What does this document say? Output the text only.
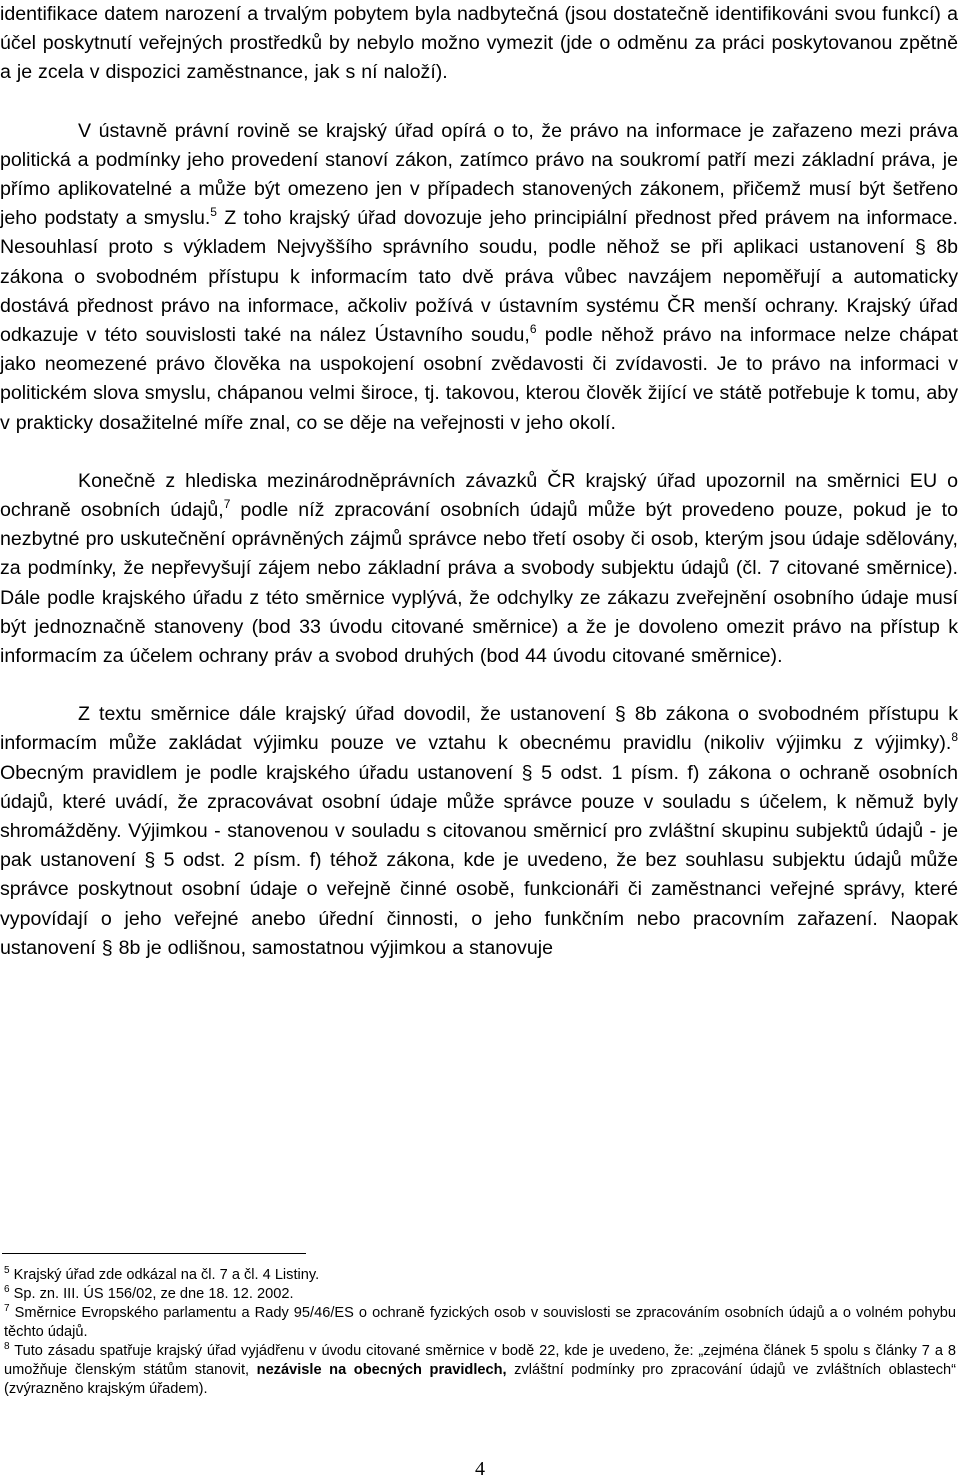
identifikace datem narození a trvalým pobytem byla nadbytečná (jsou dostatečně identifikováni svou funkcí) a účel poskytnutí veřejných prostředků by nebylo možno vymezit (jde o odměnu za práci poskytovanou zpětně a je zcela v dispozici zaměstnance, jak s ní naloží).

V ústavně právní rovině se krajský úřad opírá o to, že právo na informace je zařazeno mezi práva politická a podmínky jeho provedení stanoví zákon, zatímco právo na soukromí patří mezi základní práva, je přímo aplikovatelné a může být omezeno jen v případech stanovených zákonem, přičemž musí být šetřeno jeho podstaty a smyslu.$^5$ Z toho krajský úřad dovozuje jeho principiální přednost před právem na informace. Nesouhlasí proto s výkladem Nejvyššího správního soudu, podle něhož se při aplikaci ustanovení § 8b zákona o svobodném přístupu k informacím tato dvě práva vůbec navzájem nepoměřují a automaticky dostává přednost právo na informace, ačkoliv požívá v ústavním systému ČR menší ochrany. Krajský úřad odkazuje v této souvislosti také na nález Ústavního soudu,$^6$ podle něhož právo na informace nelze chápat jako neomezené právo člověka na uspokojení osobní zvědavosti či zvídavosti. Je to právo na informaci v politickém slova smyslu, chápanou velmi široce, tj. takovou, kterou člověk žijící ve státě potřebuje k tomu, aby v prakticky dosažitelné míře znal, co se děje na veřejnosti v jeho okolí.

Konečně z hlediska mezinárodněprávních závazků ČR krajský úřad upozornil na směrnici EU o ochraně osobních údajů,$^7$ podle níž zpracování osobních údajů může být provedeno pouze, pokud je to nezbytné pro uskutečnění oprávněných zájmů správce nebo třetí osoby či osob, kterým jsou údaje sdělovány, za podmínky, že nepřevyšují zájem nebo základní práva a svobody subjektu údajů (čl. 7 citované směrnice). Dále podle krajského úřadu z této směrnice vyplývá, že odchylky ze zákazu zveřejnění osobního údaje musí být jednoznačně stanoveny (bod 33 úvodu citované směrnice) a že je dovoleno omezit právo na přístup k informacím za účelem ochrany práv a svobod druhých (bod 44 úvodu citované směrnice).

Z textu směrnice dále krajský úřad dovodil, že ustanovení § 8b zákona o svobodném přístupu k informacím může zakládat výjimku pouze ve vztahu k obecnému pravidlu (nikoliv výjimku z výjimky).$^8$ Obecným pravidlem je podle krajského úřadu ustanovení § 5 odst. 1 písm. f) zákona o ochraně osobních údajů, které uvádí, že zpracovávat osobní údaje může správce pouze v souladu s účelem, k němuž byly shromážděny. Výjimkou - stanovenou v souladu s citovanou směrnicí pro zvláštní skupinu subjektů údajů - je pak ustanovení § 5 odst. 2 písm. f) téhož zákona, kde je uvedeno, že bez souhlasu subjektu údajů může správce poskytnout osobní údaje o veřejně činné osobě, funkcionáři či zaměstnanci veřejné správy, které vypovídají o jeho veřejné anebo úřední činnosti, o jeho funkčním nebo pracovním zařazení. Naopak ustanovení § 8b je odlišnou, samostatnou výjimkou a stanovuje

$^5$ Krajský úřad zde odkázal na čl. 7 a čl. 4 Listiny.

$^6$ Sp. zn. III. ÚS 156/02, ze dne 18. 12. 2002.

$^7$ Směrnice Evropského parlamentu a Rady 95/46/ES o ochraně fyzických osob v souvislosti se zpracováním osobních údajů a o volném pohybu těchto údajů.

$^8$ Tuto zásadu spatřuje krajský úřad vyjádřenu v úvodu citované směrnice v bodě 22, kde je uvedeno, že: „zejména článek 5 spolu s články 7 a 8 umožňuje členským státům stanovit, nezávisle na obecných pravidlech, zvláštní podmínky pro zpracování údajů ve zvláštních oblastech“ (zvýrazněno krajským úřadem).

4
